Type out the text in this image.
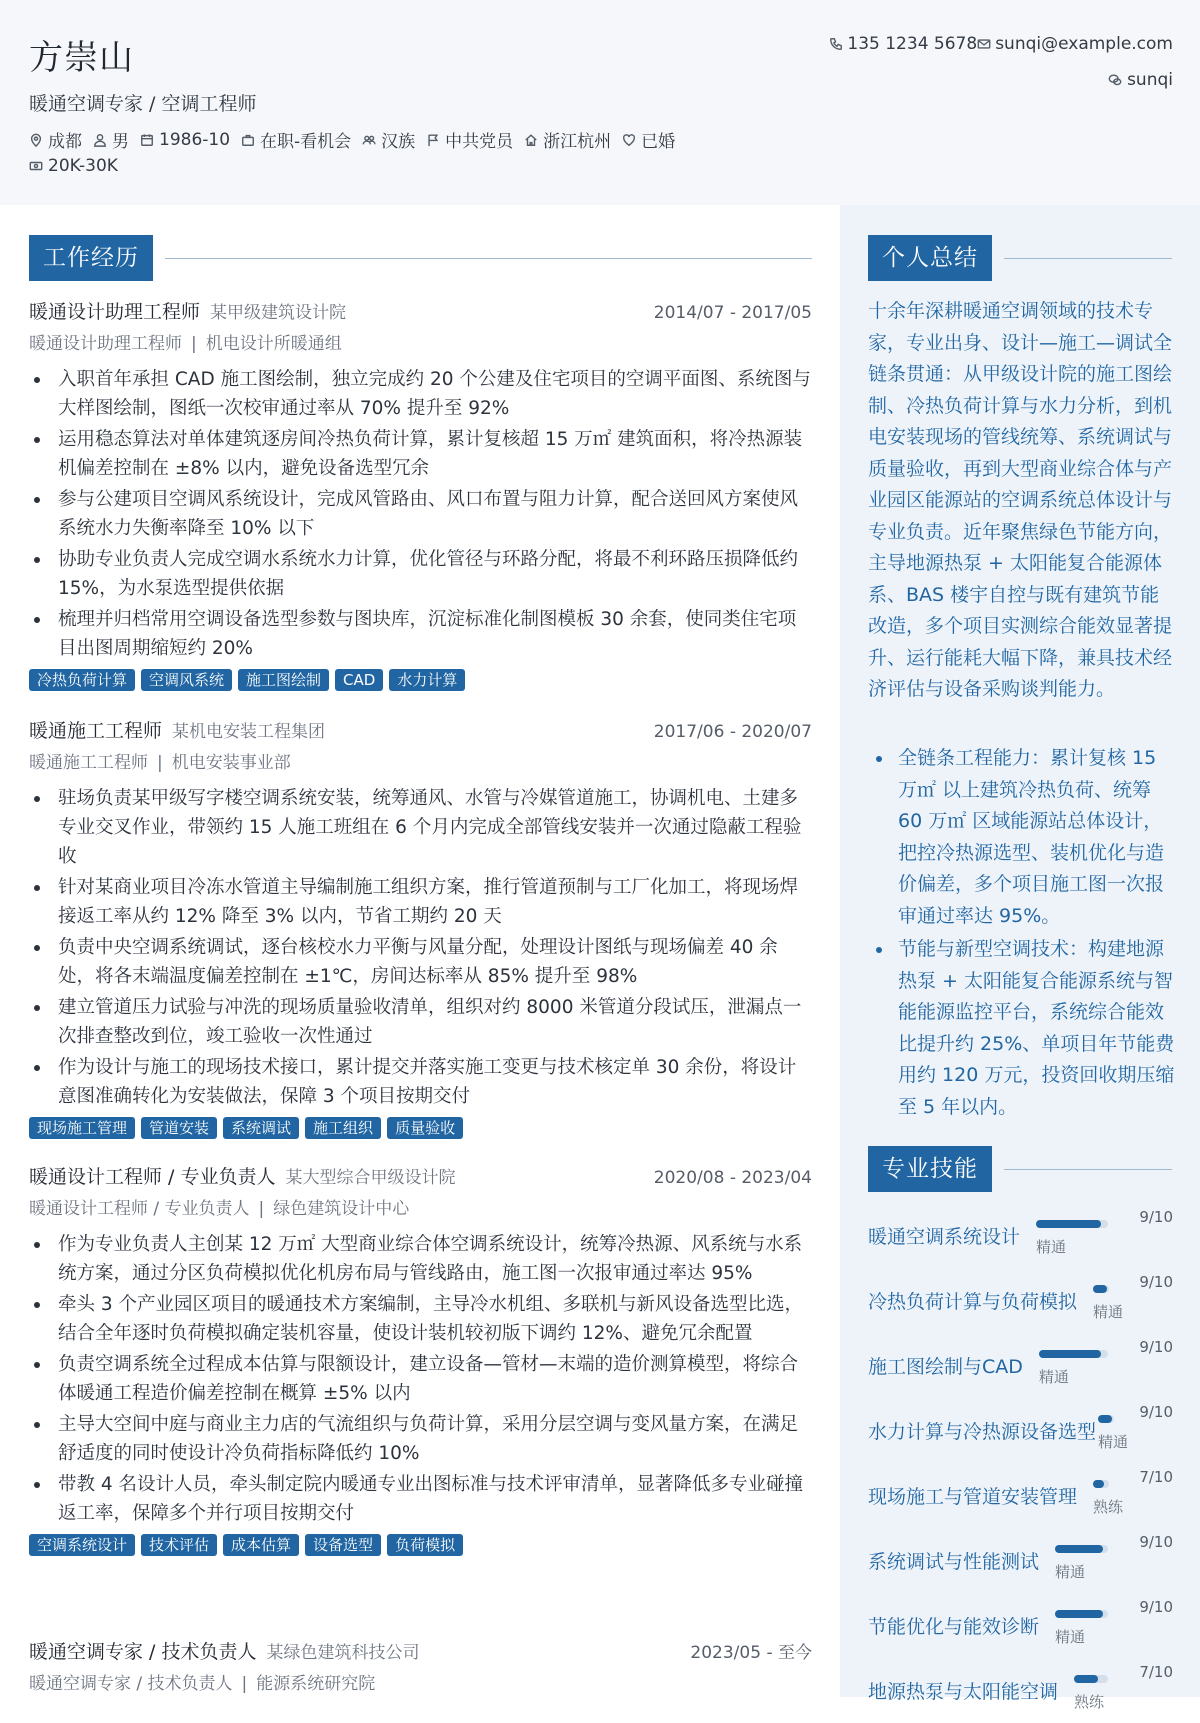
方崇山
暖通空调专家 / 空调工程师
成都 男 1986-10 在职-看机会 汉族 中共党员 浙江杭州 已婚
20K-30K
135 1234 5678 sunqi@example.com
sunqi
工作经历
暖通设计助理工程师 某甲级建筑设计院	2014/07 - 2017/05
暖通设计助理工程师 | 机电设计所暖通组
入职首年承担 CAD 施工图绘制，独立完成约 20 个公建及住宅项目的空调平面图、系统图与大样图绘制，图纸一次校审通过率从 70% 提升至 92%
运用稳态算法对单体建筑逐房间冷热负荷计算，累计复核超 15 万㎡ 建筑面积，将冷热源装机偏差控制在 ±8% 以内，避免设备选型冗余
参与公建项目空调风系统设计，完成风管路由、风口布置与阻力计算，配合送回风方案使风系统水力失衡率降至 10% 以下
协助专业负责人完成空调水系统水力计算，优化管径与环路分配，将最不利环路压损降低约 15%，为水泵选型提供依据
梳理并归档常用空调设备选型参数与图块库，沉淀标准化制图模板 30 余套，使同类住宅项目出图周期缩短约 20%
冷热负荷计算	空调风系统	施工图绘制	CAD	水力计算
暖通施工工程师 某机电安装工程集团	2017/06 - 2020/07
暖通施工工程师 | 机电安装事业部
驻场负责某甲级写字楼空调系统安装，统筹通风、水管与冷媒管道施工，协调机电、土建多专业交叉作业，带领约 15 人施工班组在 6 个月内完成全部管线安装并一次通过隐蔽工程验收
针对某商业项目冷冻水管道主导编制施工组织方案，推行管道预制与工厂化加工，将现场焊接返工率从约 12% 降至 3% 以内，节省工期约 20 天
负责中央空调系统调试，逐台核校水力平衡与风量分配，处理设计图纸与现场偏差 40 余处，将各末端温度偏差控制在 ±1℃，房间达标率从 85% 提升至 98%
建立管道压力试验与冲洗的现场质量验收清单，组织对约 8000 米管道分段试压，泄漏点一次排查整改到位，竣工验收一次性通过
作为设计与施工的现场技术接口，累计提交并落实施工变更与技术核定单 30 余份，将设计意图准确转化为安装做法，保障 3 个项目按期交付
现场施工管理	管道安装	系统调试	施工组织	质量验收
暖通设计工程师 / 专业负责人 某大型综合甲级设计院	2020/08 - 2023/04
暖通设计工程师 / 专业负责人 | 绿色建筑设计中心
作为专业负责人主创某 12 万㎡ 大型商业综合体空调系统设计，统筹冷热源、风系统与水系统方案，通过分区负荷模拟优化机房布局与管线路由，施工图一次报审通过率达 95%
牵头 3 个产业园区项目的暖通技术方案编制，主导冷水机组、多联机与新风设备选型比选，结合全年逐时负荷模拟确定装机容量，使设计装机较初版下调约 12%、避免冗余配置
负责空调系统全过程成本估算与限额设计，建立设备—管材—末端的造价测算模型，将综合体暖通工程造价偏差控制在概算 ±5% 以内
主导大空间中庭与商业主力店的气流组织与负荷计算，采用分层空调与变风量方案，在满足舒适度的同时使设计冷负荷指标降低约 10%
带教 4 名设计人员，牵头制定院内暖通专业出图标准与技术评审清单，显著降低多专业碰撞返工率，保障多个并行项目按期交付
空调系统设计	技术评估	成本估算	设备选型	负荷模拟
暖通空调专家 / 技术负责人 某绿色建筑科技公司	2023/05 - 至今
暖通空调专家 / 技术负责人 | 能源系统研究院
个人总结
十余年深耕暖通空调领域的技术专家，专业出身、设计—施工—调试全链条贯通：从甲级设计院的施工图绘制、冷热负荷计算与水力分析，到机电安装现场的管线统筹、系统调试与质量验收，再到大型商业综合体与产业园区能源站的空调系统总体设计与专业负责。近年聚焦绿色节能方向，主导地源热泵 + 太阳能复合能源体系、BAS 楼宇自控与既有建筑节能改造，多个项目实测综合能效显著提升、运行能耗大幅下降，兼具技术经济评估与设备采购谈判能力。
全链条工程能力：累计复核 15 万㎡ 以上建筑冷热负荷、统筹 60 万㎡ 区域能源站总体设计，把控冷热源选型、装机优化与造价偏差，多个项目施工图一次报审通过率达 95%。
节能与新型空调技术：构建地源热泵 + 太阳能复合能源系统与智能能源监控平台，系统综合能效比提升约 25%、单项目年节能费用约 120 万元，投资回收期压缩至 5 年以内。
专业技能
暖通空调系统设计 精通
9/10
冷热负荷计算与负荷模拟 精通
9/10
施工图绘制与CAD 精通
9/10
水力计算与冷热源设备选型 精通
9/10
现场施工与管道安装管理 熟练
7/10
系统调试与性能测试 精通
9/10
节能优化与能效诊断 精通
9/10
地源热泵与太阳能空调 熟练
7/10
